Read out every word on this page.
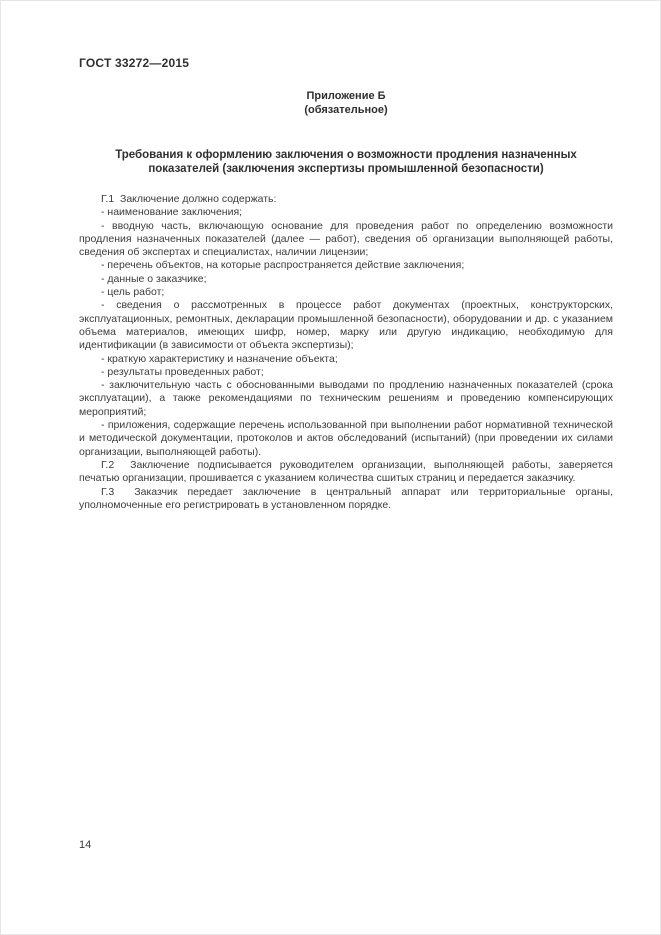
ГОСТ 33272—2015
Приложение Б
(обязательное)
Требования к оформлению заключения о возможности продления назначенных показателей (заключения экспертизы промышленной безопасности)

Г.1  Заключение должно содержать:

- наименование заключения;

- вводную часть, включающую основание для проведения работ по определению возможности продления назначенных показателей (далее — работ), сведения об организации выполняющей работы, сведения об экспертах и специалистах, наличии лицензии;

- перечень объектов, на которые распространяется действие заключения;

- данные о заказчике;

- цель работ;

- сведения о рассмотренных в процессе работ документах (проектных, конструкторских, эксплуатационных, ремонтных, декларации промышленной безопасности), оборудовании и др. с указанием объема материалов, имеющих шифр, номер, марку или другую индикацию, необходимую для идентификации (в зависимости от объекта экспертизы);

- краткую характеристику и назначение объекта;

- результаты проведенных работ;

- заключительную часть с обоснованными выводами по продлению назначенных показателей (срока эксплуатации), а также рекомендациями по техническим решениям и проведению компенсирующих мероприятий;

- приложения, содержащие перечень использованной при выполнении работ нормативной технической и методической документации, протоколов и актов обследований (испытаний) (при проведении их силами организации, выполняющей работы).

Г.2  Заключение подписывается руководителем организации, выполняющей работы, заверяется печатью организации, прошивается с указанием количества сшитых страниц и передается заказчику.

Г.3  Заказчик передает заключение в центральный аппарат или территориальные органы, уполномоченные его регистрировать в установленном порядке.

14
